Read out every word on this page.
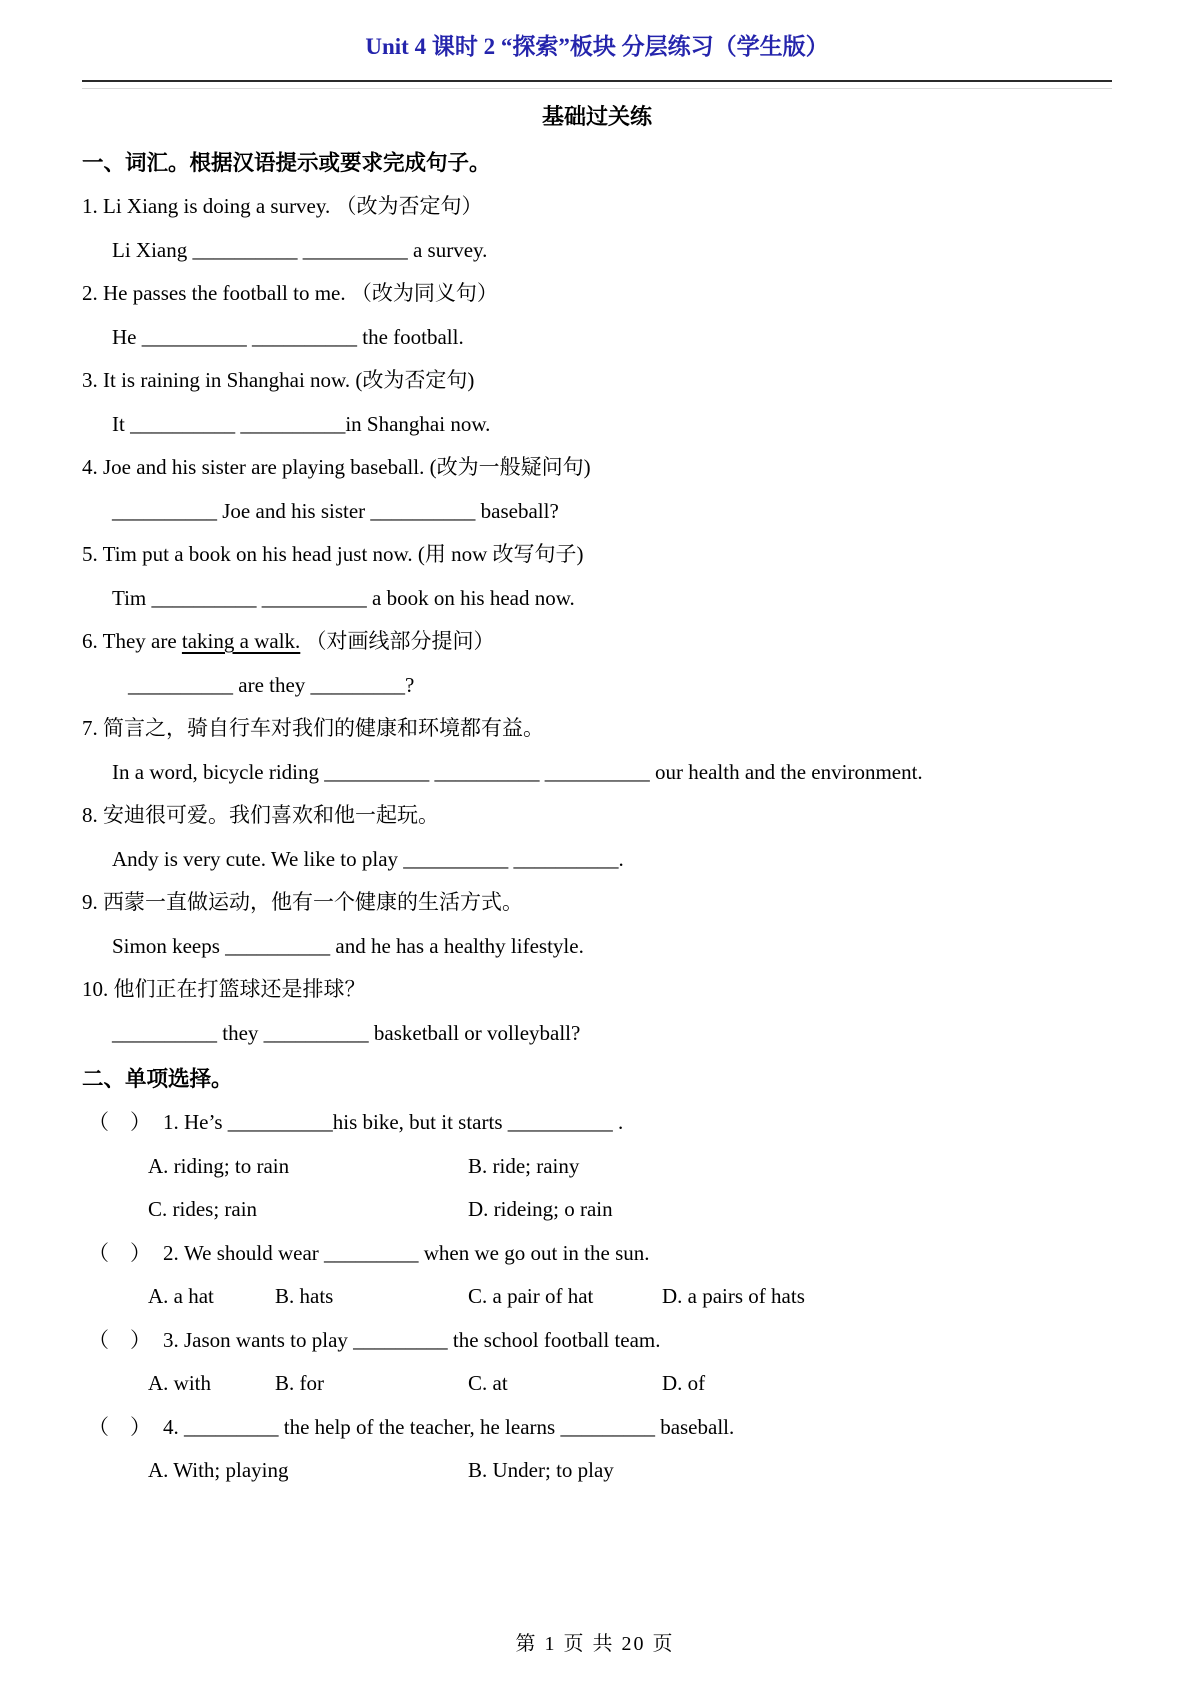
Unit 4 课时 2 “探索”板块 分层练习（学生版）

基础过关练

一、词汇。根据汉语提示或要求完成句子。

1. Li Xiang is doing a survey. （改为否定句）

Li Xiang __________ __________ a survey.

2. He passes the football to me. （改为同义句）

He __________ __________ the football.

3. It is raining in Shanghai now. (改为否定句)

It __________ __________in Shanghai now.

4. Joe and his sister are playing baseball. (改为一般疑问句)

__________ Joe and his sister __________ baseball?

5. Tim put a book on his head just now. (用 now 改写句子)

Tim __________ __________ a book on his head now.

6. They are taking a walk. （对画线部分提问）

__________ are they _________?

7. 简言之，骑自行车对我们的健康和环境都有益。

In a word, bicycle riding __________ __________ __________ our health and the environment.

8. 安迪很可爱。我们喜欢和他一起玩。

Andy is very cute. We like to play __________ __________.

9. 西蒙一直做运动，他有一个健康的生活方式。

Simon keeps __________ and he has a healthy lifestyle.

10. 他们正在打篮球还是排球？

__________ they __________ basketball or volleyball?

二、单项选择。

（　） 1. He’s __________his bike, but it starts __________ .

A. riding; to rain	B. ride; rainy

C. rides; rain	D. rideing; o rain

（　） 2. We should wear _________ when we go out in the sun.

A. a hat	B. hats	C. a pair of hat	D. a pairs of hats

（　） 3. Jason wants to play _________ the school football team.

A. with	B. for	C. at	D. of

（　） 4. _________ the help of the teacher, he learns _________ baseball.

A. With; playing	B. Under; to play

第 1 页 共 20 页
